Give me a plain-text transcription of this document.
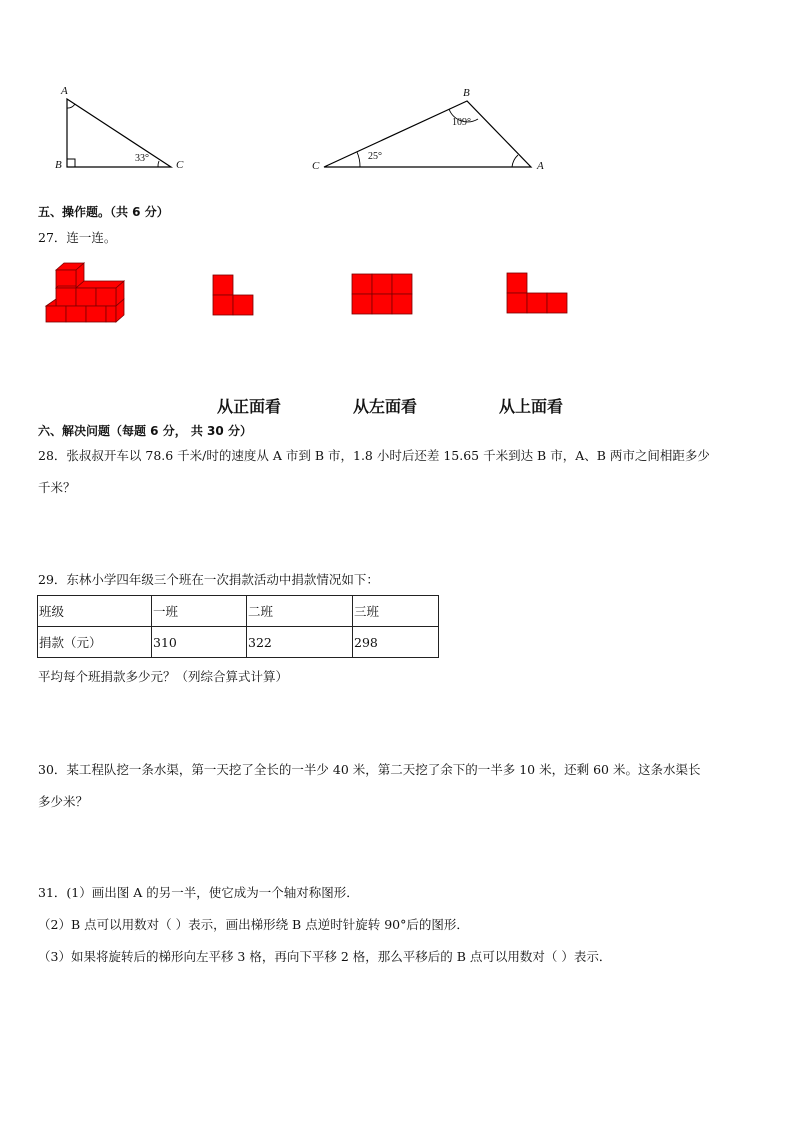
A
B	C
33°
B
C	A
109°
25°
五、操作题。（共 6 分）
27．连一连。
从正面看	从左面看	从上面看
六、解决问题（每题 6 分， 共 30 分）
28．张叔叔开车以 78.6 千米/时的速度从 A 市到 B 市，1.8 小时后还差 15.65 千米到达 B 市，A、B 两市之间相距多少
千米？
29．东林小学四年级三个班在一次捐款活动中捐款情况如下：
班级	一班	二班	三班
捐款（元）	310	322	298
平均每个班捐款多少元？（列综合算式计算）
30．某工程队挖一条水渠，第一天挖了全长的一半少 40 米，第二天挖了余下的一半多 10 米，还剩 60 米。这条水渠长
多少米？
31．(1）画出图 A 的另一半，使它成为一个轴对称图形．
（2）B 点可以用数对（ ）表示，画出梯形绕 B 点逆时针旋转 90°后的图形．
（3）如果将旋转后的梯形向左平移 3 格，再向下平移 2 格，那么平移后的 B 点可以用数对（ ）表示．
